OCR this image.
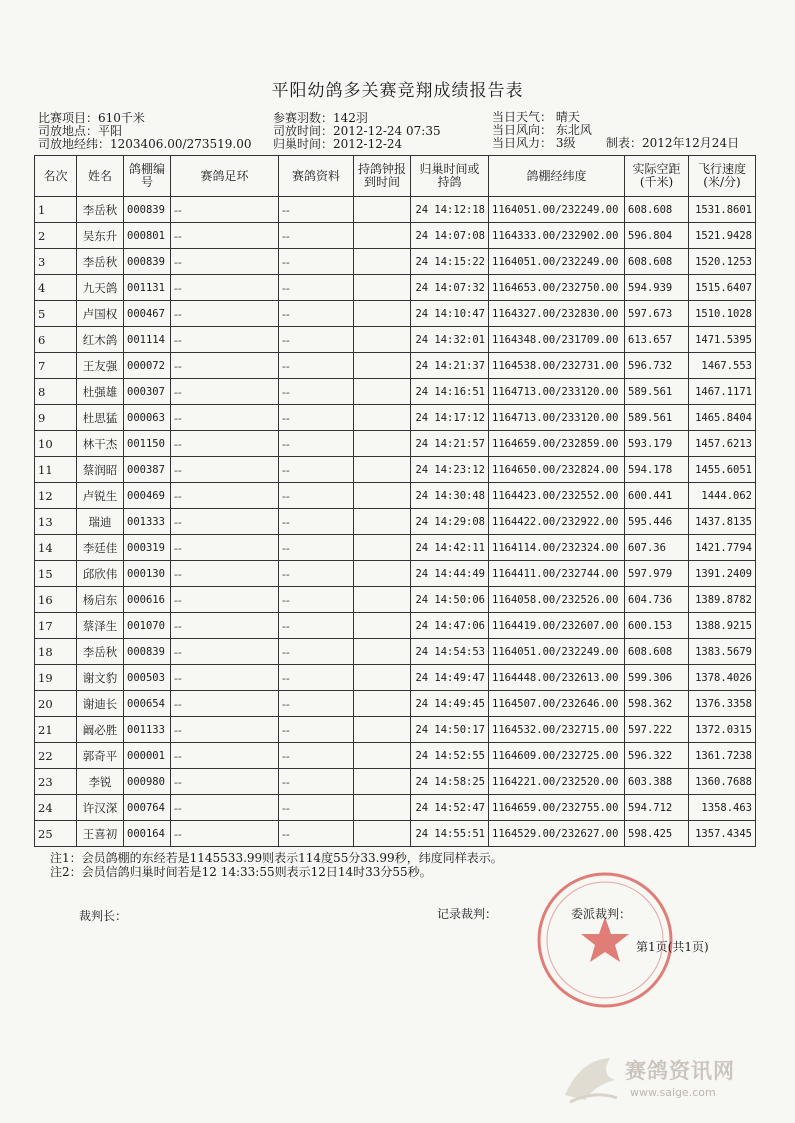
平阳幼鸽多关赛竞翔成绩报告表
比赛项目：610千米
司放地点：平阳
司放地经纬：1203406.00/273519.00
参赛羽数：142羽
司放时间：2012-12-24 07:35
归巢时间：2012-12-24
当日天气： 晴天
当日风向： 东北风
当日风力： 3级	制表：2012年12月24日
名次	姓名	鸽棚编号	赛鸽足环	赛鸽资料	持鸽钟报到时间	归巢时间或持鸽	鸽棚经纬度	实际空距(千米)	飞行速度(米/分)
1	李岳秋	000839	--	--		24 14:12:18	1164051.00/232249.00	608.608	1531.8601
2	吴东升	000801	--	--		24 14:07:08	1164333.00/232902.00	596.804	1521.9428
3	李岳秋	000839	--	--		24 14:15:22	1164051.00/232249.00	608.608	1520.1253
4	九天鸽	001131	--	--		24 14:07:32	1164653.00/232750.00	594.939	1515.6407
5	卢国权	000467	--	--		24 14:10:47	1164327.00/232830.00	597.673	1510.1028
6	红木鸽	001114	--	--		24 14:32:01	1164348.00/231709.00	613.657	1471.5395
7	王友强	000072	--	--		24 14:21:37	1164538.00/232731.00	596.732	1467.553
8	杜强雄	000307	--	--		24 14:16:51	1164713.00/233120.00	589.561	1467.1171
9	杜思猛	000063	--	--		24 14:17:12	1164713.00/233120.00	589.561	1465.8404
10	林干杰	001150	--	--		24 14:21:57	1164659.00/232859.00	593.179	1457.6213
11	蔡润昭	000387	--	--		24 14:23:12	1164650.00/232824.00	594.178	1455.6051
12	卢锐生	000469	--	--		24 14:30:48	1164423.00/232552.00	600.441	1444.062
13	瑞迪	001333	--	--		24 14:29:08	1164422.00/232922.00	595.446	1437.8135
14	李廷佳	000319	--	--		24 14:42:11	1164114.00/232324.00	607.36	1421.7794
15	邱欣伟	000130	--	--		24 14:44:49	1164411.00/232744.00	597.979	1391.2409
16	杨启东	000616	--	--		24 14:50:06	1164058.00/232526.00	604.736	1389.8782
17	蔡泽生	001070	--	--		24 14:47:06	1164419.00/232607.00	600.153	1388.9215
18	李岳秋	000839	--	--		24 14:54:53	1164051.00/232249.00	608.608	1383.5679
19	谢文豹	000503	--	--		24 14:49:47	1164448.00/232613.00	599.306	1378.4026
20	谢迪长	000654	--	--		24 14:49:45	1164507.00/232646.00	598.362	1376.3358
21	阚必胜	001133	--	--		24 14:50:17	1164532.00/232715.00	597.222	1372.0315
22	郭奇平	000001	--	--		24 14:52:55	1164609.00/232725.00	596.322	1361.7238
23	李锐	000980	--	--		24 14:58:25	1164221.00/232520.00	603.388	1360.7688
24	许汉深	000764	--	--		24 14:52:47	1164659.00/232755.00	594.712	1358.463
25	王喜初	000164	--	--		24 14:55:51	1164529.00/232627.00	598.425	1357.4345
注1：会员鸽棚的东经若是1145533.99则表示114度55分33.99秒，纬度同样表示。
注2：会员信鸽归巢时间若是12 14:33:55则表示12日14时33分55秒。
裁判长：	记录裁判：	委派裁判：
第1页(共1页)
赛鸽资讯网
www.saige.com
